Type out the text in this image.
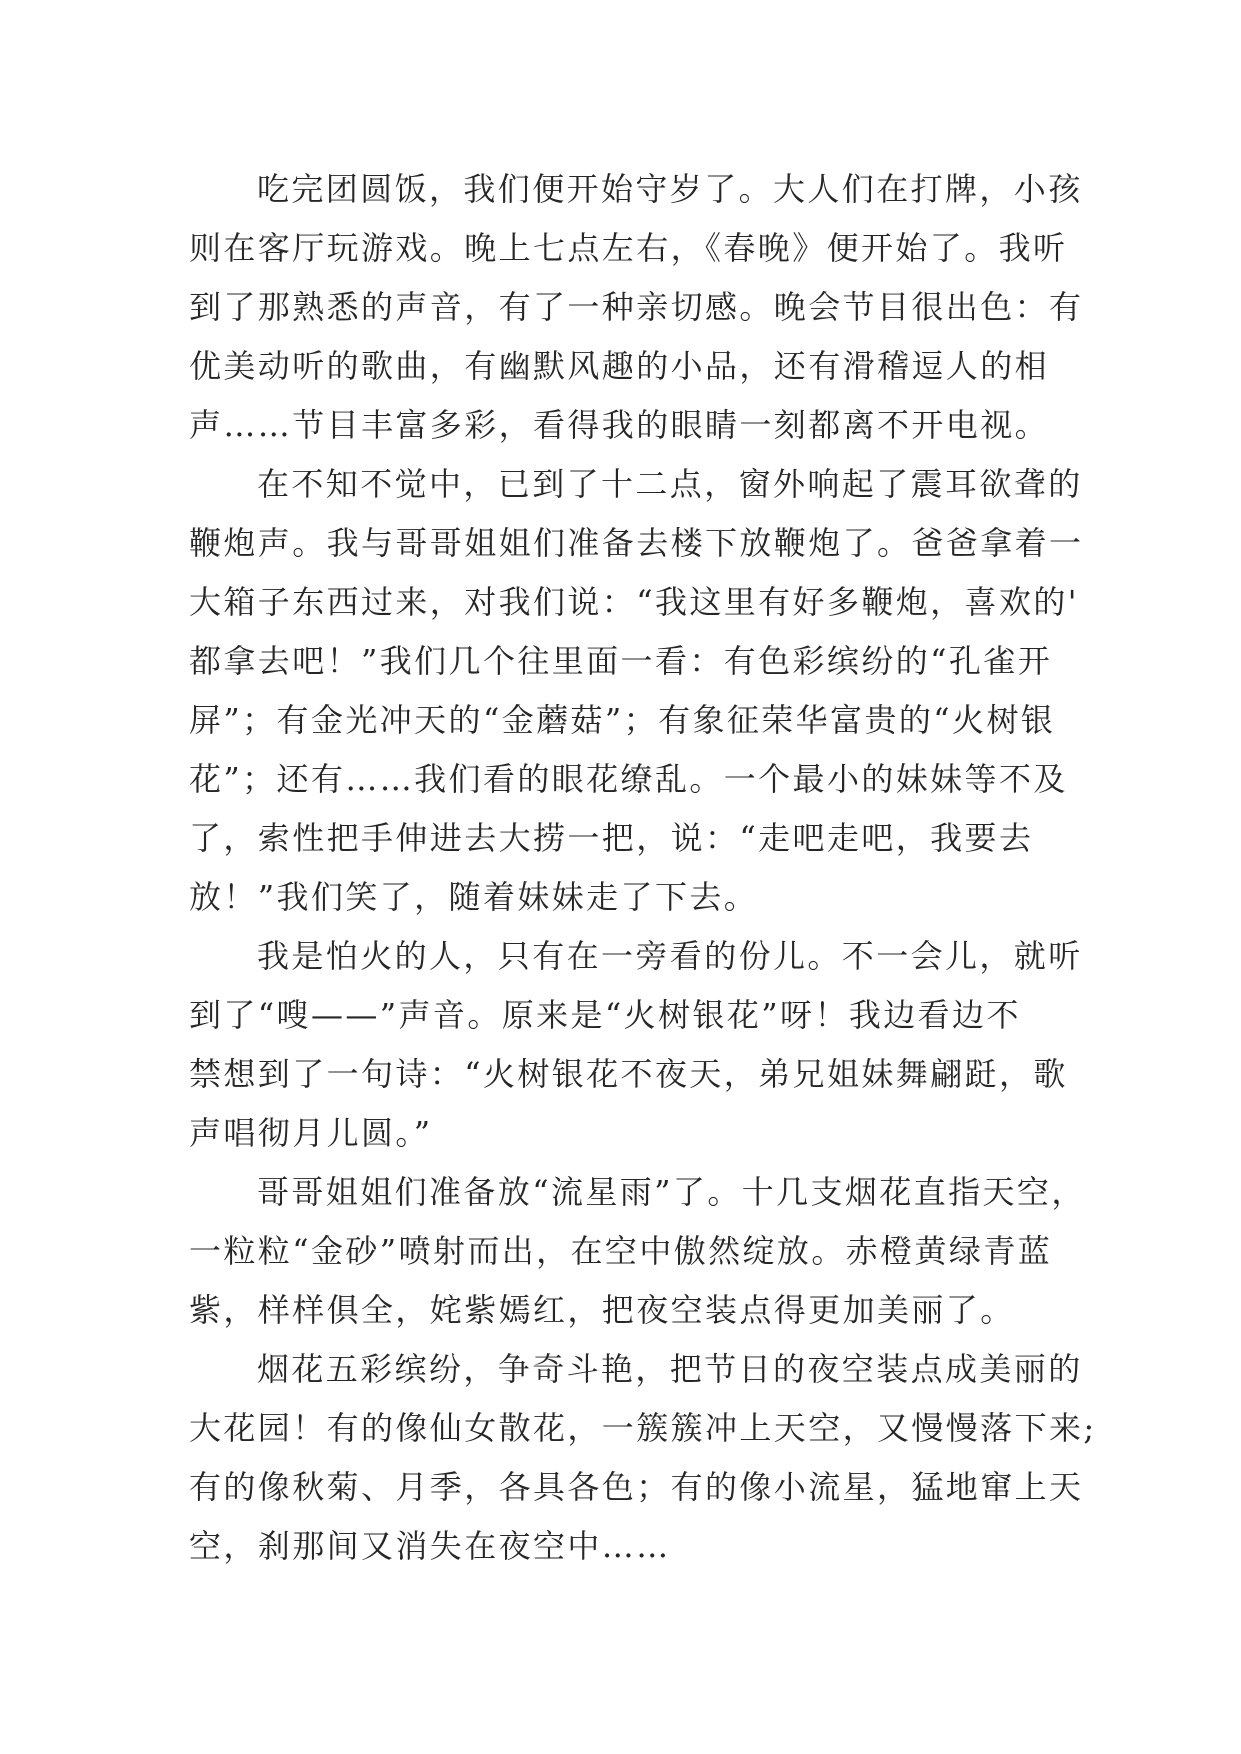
吃完团圆饭，我们便开始守岁了。大人们在打牌，小孩
则在客厅玩游戏。晚上七点左右，《春晚》便开始了。我听
到了那熟悉的声音，有了一种亲切感。晚会节目很出色：有
优美动听的歌曲，有幽默风趣的小品，还有滑稽逗人的相
声……节目丰富多彩，看得我的眼睛一刻都离不开电视。
在不知不觉中，已到了十二点，窗外响起了震耳欲聋的
鞭炮声。我与哥哥姐姐们准备去楼下放鞭炮了。爸爸拿着一
大箱子东西过来，对我们说：“我这里有好多鞭炮，喜欢的'
都拿去吧！”我们几个往里面一看：有色彩缤纷的“孔雀开
屏”；有金光冲天的“金蘑菇”；有象征荣华富贵的“火树银
花”；还有……我们看的眼花缭乱。一个最小的妹妹等不及
了，索性把手伸进去大捞一把，说：“走吧走吧，我要去
放！”我们笑了，随着妹妹走了下去。
我是怕火的人，只有在一旁看的份儿。不一会儿，就听
到了“嗖——”声音。原来是“火树银花”呀！我边看边不
禁想到了一句诗：“火树银花不夜天，弟兄姐妹舞翩跹，歌
声唱彻月儿圆。”
哥哥姐姐们准备放“流星雨”了。十几支烟花直指天空，
一粒粒“金砂”喷射而出，在空中傲然绽放。赤橙黄绿青蓝
紫，样样俱全，姹紫嫣红，把夜空装点得更加美丽了。
烟花五彩缤纷，争奇斗艳，把节日的夜空装点成美丽的
大花园！有的像仙女散花，一簇簇冲上天空，又慢慢落下来;
有的像秋菊、月季，各具各色；有的像小流星，猛地窜上天
空，刹那间又消失在夜空中……
